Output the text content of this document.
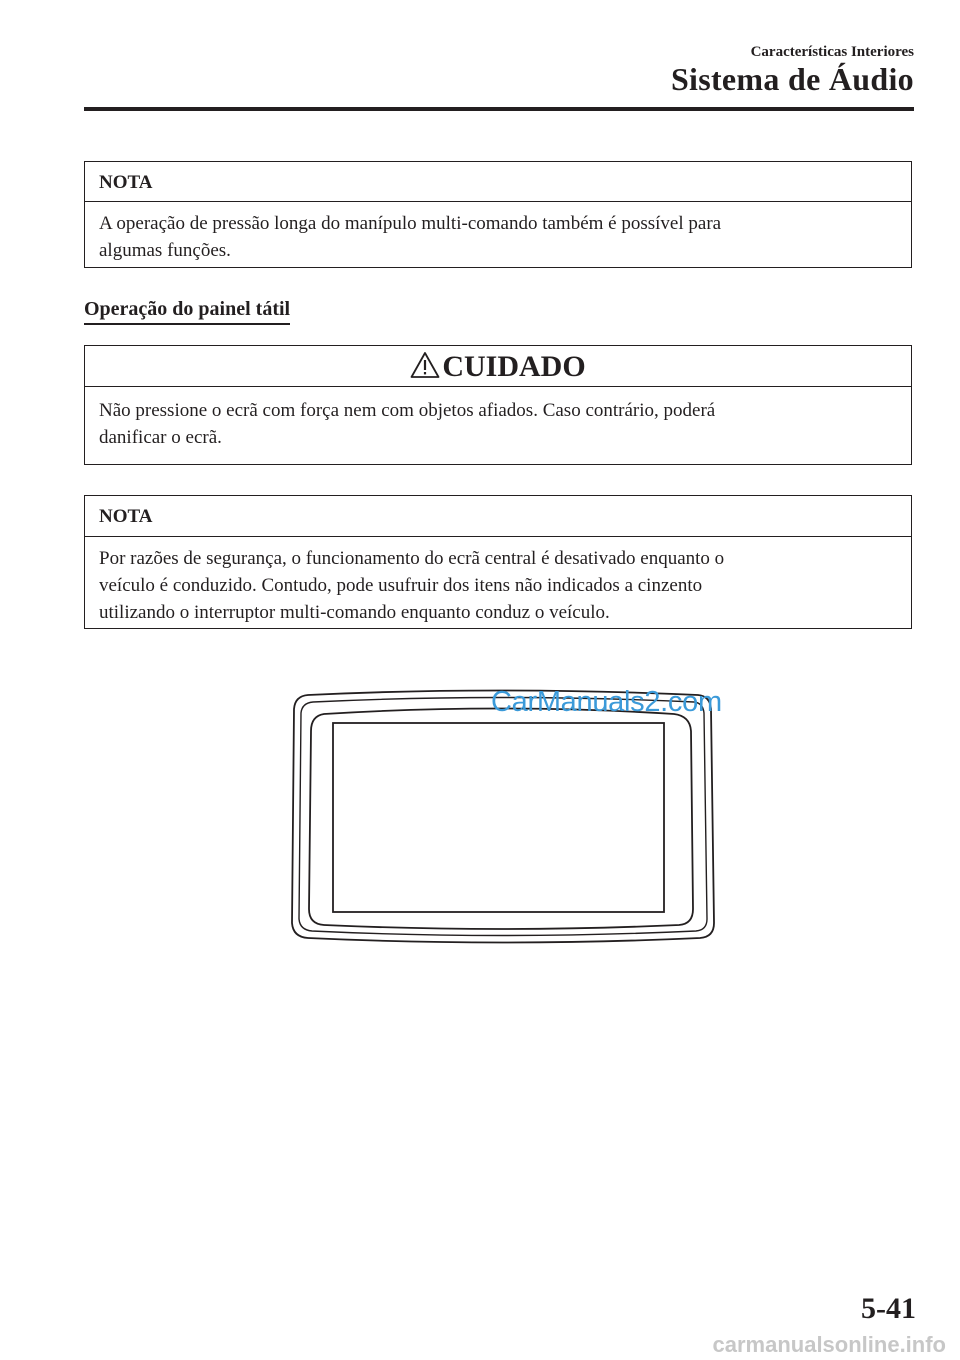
Características Interiores
Sistema de Áudio
NOTA
A operação de pressão longa do manípulo multi-comando também é possível para
algumas funções.
Operação do painel tátil
CUIDADO
Não pressione o ecrã com força nem com objetos afiados. Caso contrário, poderá
danificar o ecrã.
NOTA
Por razões de segurança, o funcionamento do ecrã central é desativado enquanto o
veículo é conduzido. Contudo, pode usufruir dos itens não indicados a cinzento
utilizando o interruptor multi-comando enquanto conduz o veículo.
CarManuals2.com
5-41
carmanualsonline.info
